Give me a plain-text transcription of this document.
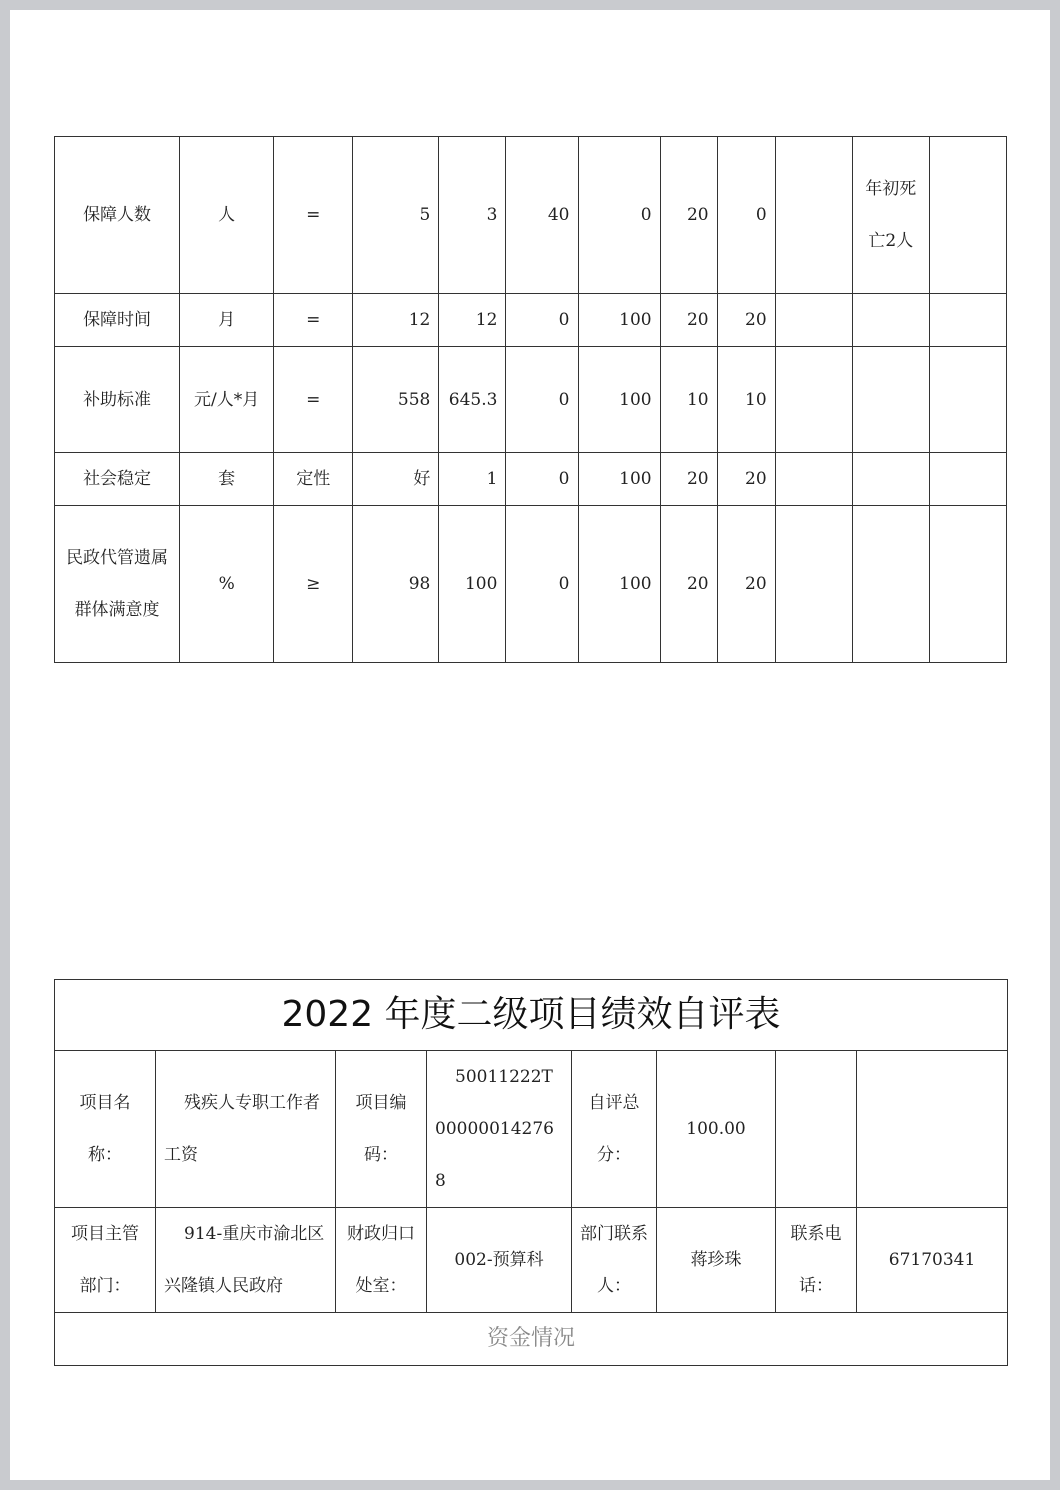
保障人数	人	=	5	3	40	0	20	0		年初死亡2人	
保障时间	月	=	12	12	0	100	20	20			
补助标准	元/人*月	=	558	645.3	0	100	10	10			
社会稳定	套	定性	好	1	0	100	20	20			
民政代管遗属群体满意度	%	≥	98	100	0	100	20	20			
2022 年度二级项目绩效自评表							
项目名称：	残疾人专职工作者工资	项目编码：	50011222T000000142768	自评总分：	100.00		
项目主管部门：	914-重庆市渝北区兴隆镇人民政府	财政归口处室：	002-预算科	部门联系人：	蒋珍珠	联系电话：	67170341
资金情况							
